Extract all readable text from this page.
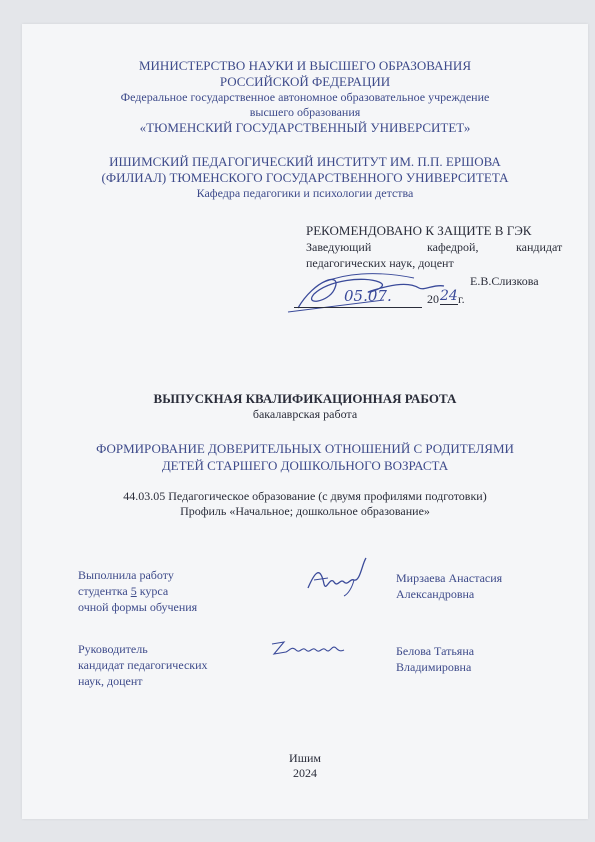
МИНИСТЕРСТВО НАУКИ И ВЫСШЕГО ОБРАЗОВАНИЯ
РОССИЙСКОЙ ФЕДЕРАЦИИ
Федеральное государственное автономное образовательное учреждение
высшего образования
«ТЮМЕНСКИЙ ГОСУДАРСТВЕННЫЙ УНИВЕРСИТЕТ»
ИШИМСКИЙ ПЕДАГОГИЧЕСКИЙ ИНСТИТУТ ИМ. П.П. ЕРШОВА
(ФИЛИАЛ) ТЮМЕНСКОГО ГОСУДАРСТВЕННОГО УНИВЕРСИТЕТА
Кафедра педагогики и психологии детства
РЕКОМЕНДОВАНО К ЗАЩИТЕ В ГЭК
Заведующий	кафедрой,	кандидат
педагогических наук, доцент
Е.В.Слизкова
05.07.	20 24 г.
ВЫПУСКНАЯ КВАЛИФИКАЦИОННАЯ РАБОТА
бакалаврская работа
ФОРМИРОВАНИЕ ДОВЕРИТЕЛЬНЫХ ОТНОШЕНИЙ С РОДИТЕЛЯМИ
ДЕТЕЙ СТАРШЕГО ДОШКОЛЬНОГО ВОЗРАСТА
44.03.05 Педагогическое образование (с двумя профилями подготовки)
Профиль «Начальное; дошкольное образование»
Выполнила работу
студентка 5 курса
очной формы обучения
Мирзаева Анастасия
Александровна
Руководитель
кандидат педагогических
наук, доцент
Белова Татьяна
Владимировна
Ишим
2024
